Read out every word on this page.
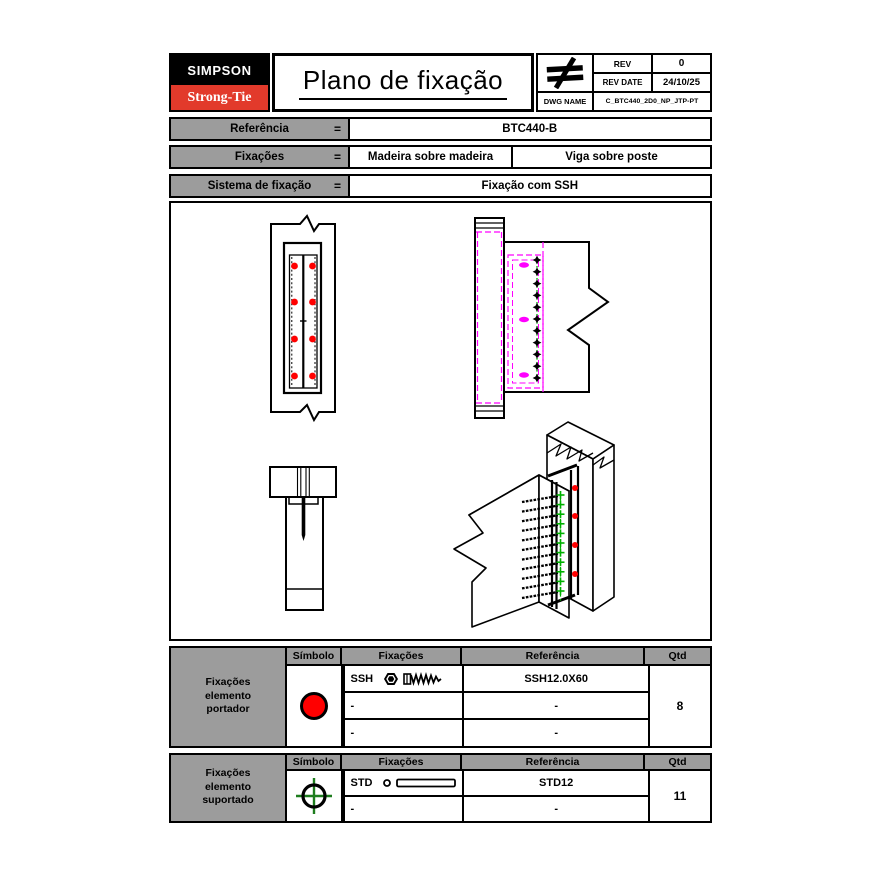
SIMPSON
Strong-Tie
Plano de fixação
REV	0
REV DATE	24/10/25
DWG NAME	C_BTC440_2D0_NP_JTP-PT
Referência	=	BTC440-B
Fixações	=	Madeira sobre madeira	Viga sobre poste
Sistema de fixação =	Fixação com SSH
Fixações elemento portador
Símbolo	Fixações	Referência	Qtd
SSH	SSH12.0X60
-	-
-	-
8
Fixações elemento suportado
Símbolo	Fixações	Referência	Qtd
STD	STD12
-	-
11
